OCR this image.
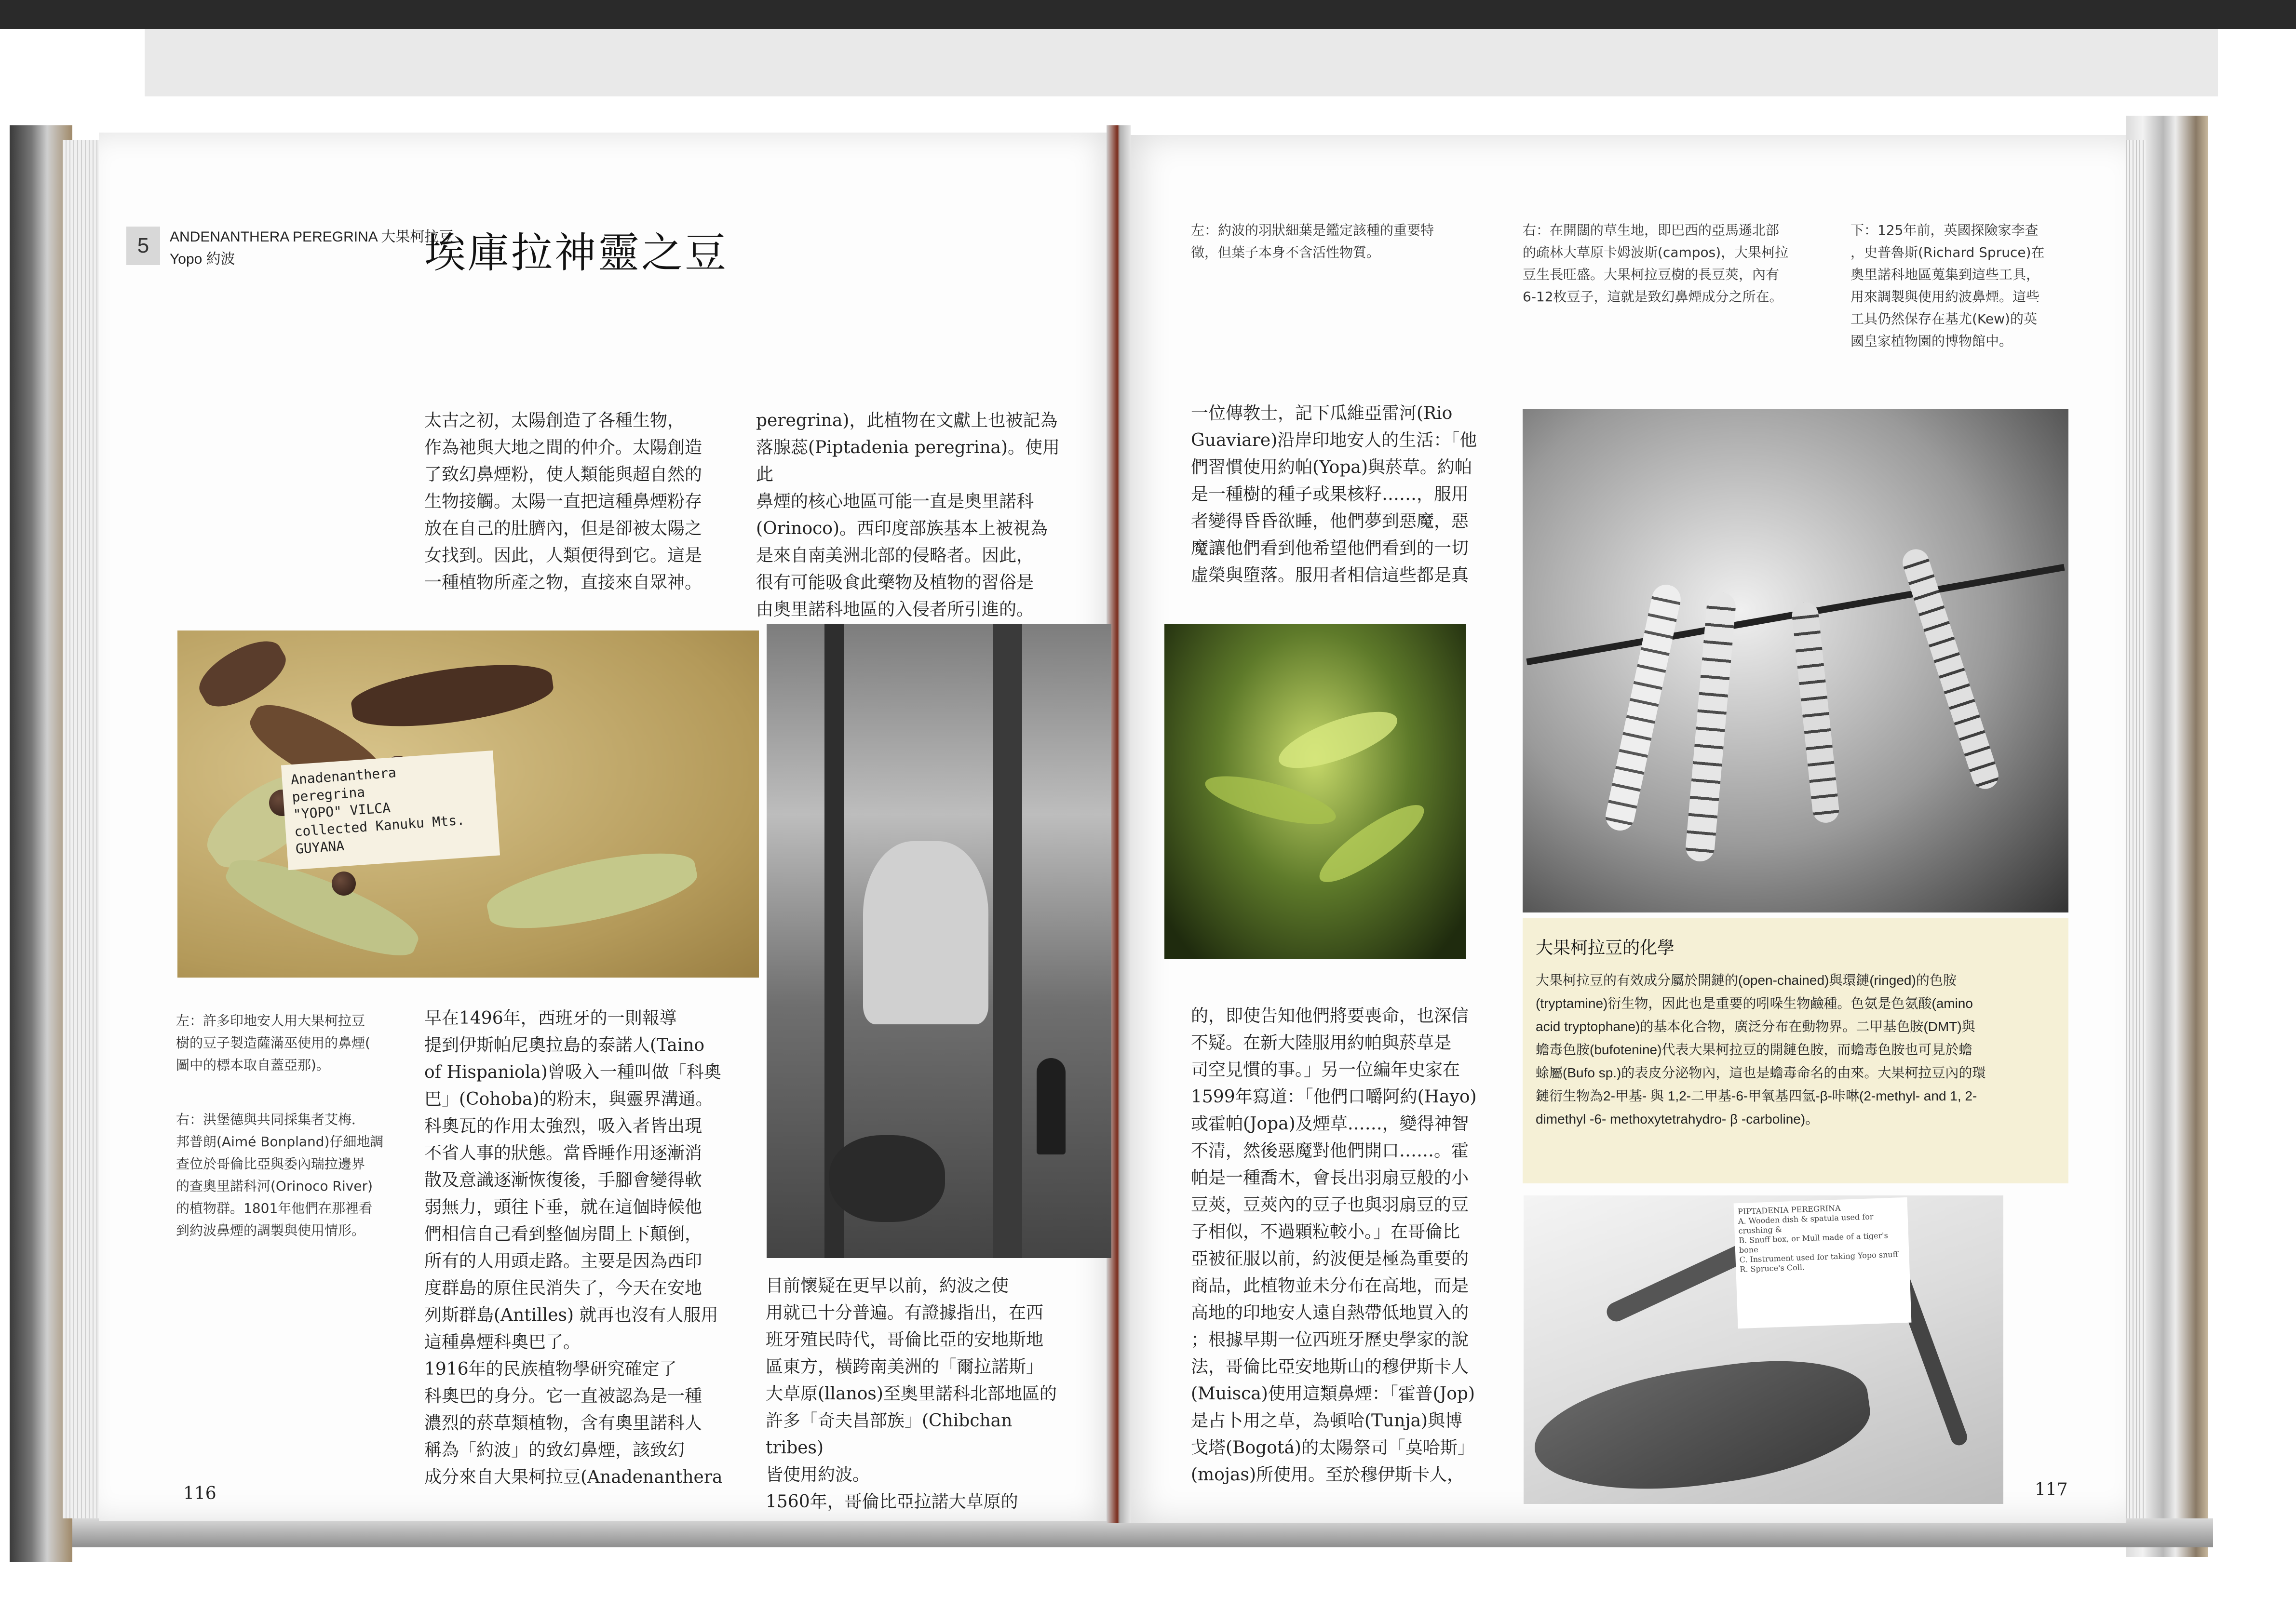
5	ANDENANTHERA PEREGRINA 大果柯拉豆
Yopo 約波	埃庫拉神靈之豆
太古之初，太陽創造了各種生物，
作為祂與大地之間的仲介。太陽創造
了致幻鼻煙粉，使人類能與超自然的
生物接觸。太陽一直把這種鼻煙粉存
放在自己的肚臍內，但是卻被太陽之
女找到。因此，人類便得到它。這是
一種植物所產之物，直接來自眾神。
peregrina)，此植物在文獻上也被記為
落腺蕊(Piptadenia peregrina)。使用此
鼻煙的核心地區可能一直是奧里諾科
(Orinoco)。西印度部族基本上被視為
是來自南美洲北部的侵略者。因此，
很有可能吸食此藥物及植物的習俗是
由奧里諾科地區的入侵者所引進的。
Anadenanthera
peregrina
"YOPO" VILCA
collected Kanuku Mts.
GUYANA
左：許多印地安人用大果柯拉豆
樹的豆子製造薩滿巫使用的鼻煙(
圖中的標本取自蓋亞那)。
右：洪堡德與共同採集者艾梅．
邦普朗(Aimé Bonpland)仔細地調
查位於哥倫比亞與委內瑞拉邊界
的查奧里諾科河(Orinoco River)
的植物群。1801年他們在那裡看
到約波鼻煙的調製與使用情形。
早在1496年，西班牙的一則報導
提到伊斯帕尼奧拉島的泰諾人(Taino
of Hispaniola)曾吸入一種叫做「科奧
巴」(Cohoba)的粉末，與靈界溝通。
科奧瓦的作用太強烈，吸入者皆出現
不省人事的狀態。當昏睡作用逐漸消
散及意識逐漸恢復後，手腳會變得軟
弱無力，頭往下垂，就在這個時候他
們相信自己看到整個房間上下顛倒，
所有的人用頭走路。主要是因為西印
度群島的原住民消失了，今天在安地
列斯群島(Antilles) 就再也沒有人服用
這種鼻煙科奧巴了。
1916年的民族植物學研究確定了
科奧巴的身分。它一直被認為是一種
濃烈的菸草類植物，含有奧里諾科人
稱為「約波」的致幻鼻煙，該致幻
成分來自大果柯拉豆(Anadenanthera
目前懷疑在更早以前，約波之使
用就已十分普遍。有證據指出，在西
班牙殖民時代，哥倫比亞的安地斯地
區東方，橫跨南美洲的「爾拉諾斯」
大草原(llanos)至奧里諾科北部地區的
許多「奇夫昌部族」(Chibchan tribes)
皆使用約波。
1560年，哥倫比亞拉諾大草原的
116
左：約波的羽狀細葉是鑑定該種的重要特
徵，但葉子本身不含活性物質。
右：在開闊的草生地，即巴西的亞馬遜北部
的疏林大草原卡姆波斯(campos)，大果柯拉
豆生長旺盛。大果柯拉豆樹的長豆莢，內有
6-12枚豆子，這就是致幻鼻煙成分之所在。
下：125年前，英國探險家李查
，史普魯斯(Richard Spruce)在
奧里諾科地區蒐集到這些工具，
用來調製與使用約波鼻煙。這些
工具仍然保存在基尤(Kew)的英
國皇家植物園的博物館中。
一位傳教士，記下瓜維亞雷河(Rio
Guaviare)沿岸印地安人的生活：「他
們習慣使用約帕(Yopa)與菸草。約帕
是一種樹的種子或果核籽……，服用
者變得昏昏欲睡，他們夢到惡魔，惡
魔讓他們看到他希望他們看到的一切
虛榮與墮落。服用者相信這些都是真
大果柯拉豆的化學
大果柯拉豆的有效成分屬於開鏈的(open-chained)與環鏈(ringed)的色胺
(tryptamine)衍生物，因此也是重要的吲哚生物鹼種。色氨是色氨酸(amino
acid tryptophane)的基本化合物，廣泛分布在動物界。二甲基色胺(DMT)與
蟾毒色胺(bufotenine)代表大果柯拉豆的開鏈色胺，而蟾毒色胺也可見於蟾
蜍屬(Bufo sp.)的表皮分泌物內，這也是蟾毒命名的由來。大果柯拉豆內的環
鏈衍生物為2-甲基- 與 1,2-二甲基-6-甲氧基四氫-β-咔啉(2-methyl- and 1, 2-
dimethyl -6- methoxytetrahydro- β -carboline)。
的，即使告知他們將要喪命，也深信
不疑。在新大陸服用約帕與菸草是
司空見慣的事。」另一位編年史家在
1599年寫道：「他們口嚼阿約(Hayo)
或霍帕(Jopa)及煙草……，變得神智
不清，然後惡魔對他們開口……。霍
帕是一種喬木，會長出羽扇豆般的小
豆莢，豆莢內的豆子也與羽扇豆的豆
子相似，不過顆粒較小。」在哥倫比
亞被征服以前，約波便是極為重要的
商品，此植物並未分布在高地，而是
高地的印地安人遠自熱帶低地買入的
；根據早期一位西班牙歷史學家的說
法，哥倫比亞安地斯山的穆伊斯卡人
(Muisca)使用這類鼻煙：「霍普(Jop)
是占卜用之草，為頓哈(Tunja)與博
戈塔(Bogotá)的太陽祭司「莫哈斯」
(mojas)所使用。至於穆伊斯卡人，
PIPTADENIA PEREGRINA
A. Wooden dish & spatula used for crushing &
B. Snuff box, or Mull made of a tiger's bone
C. Instrument used for taking Yopo snuff
R. Spruce's Coll.
117
